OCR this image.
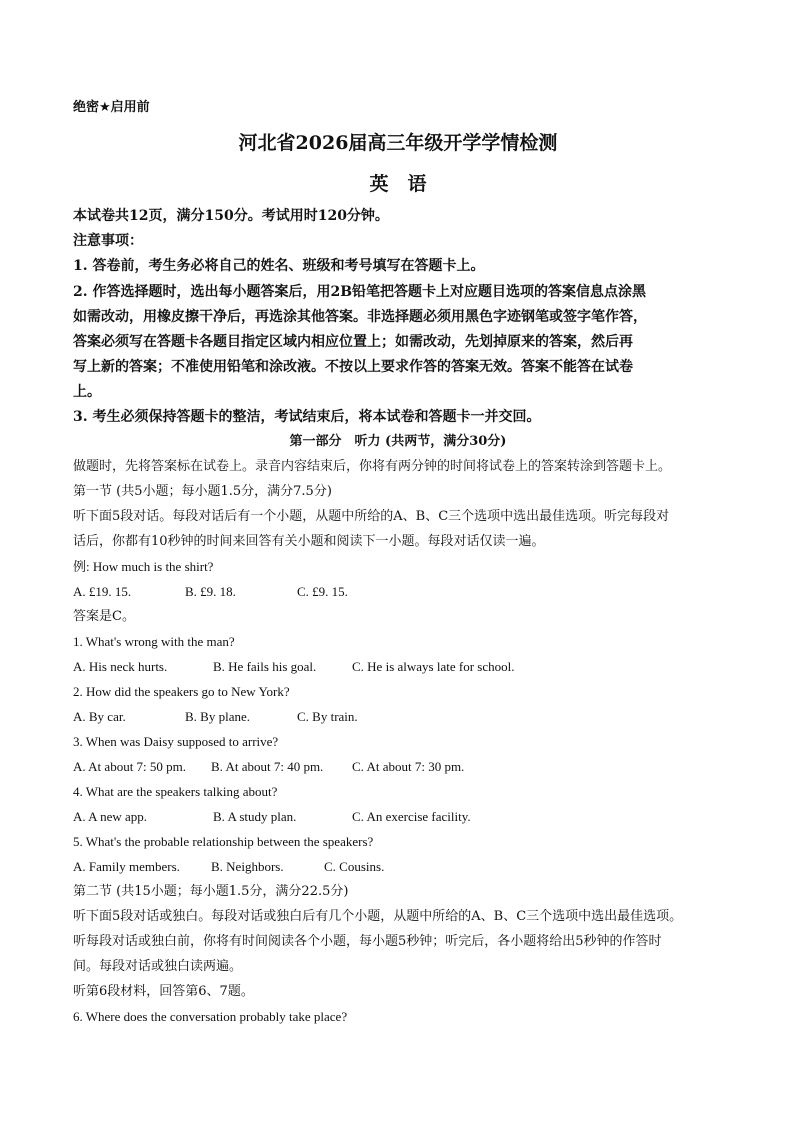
绝密★启用前
河北省2026届高三年级开学学情检测
英　语
本试卷共12页，满分150分。考试用时120分钟。
注意事项：
1. 答卷前，考生务必将自己的姓名、班级和考号填写在答题卡上。
2. 作答选择题时，选出每小题答案后，用2B铅笔把答题卡上对应题目选项的答案信息点涂黑
如需改动，用橡皮擦干净后，再选涂其他答案。非选择题必须用黑色字迹钢笔或签字笔作答，
答案必须写在答题卡各题目指定区域内相应位置上；如需改动，先划掉原来的答案，然后再
写上新的答案；不准使用铅笔和涂改液。不按以上要求作答的答案无效。答案不能答在试卷
上。
3. 考生必须保持答题卡的整洁，考试结束后，将本试卷和答题卡一并交回。
第一部分　听力 (共两节，满分30分)
做题时，先将答案标在试卷上。录音内容结束后，你将有两分钟的时间将试卷上的答案转涂到答题卡上。
第一节 (共5小题；每小题1.5分，满分7.5分)
听下面5段对话。每段对话后有一个小题，从题中所给的A、B、C三个选项中选出最佳选项。听完每段对
话后，你都有10秒钟的时间来回答有关小题和阅读下一小题。每段对话仅读一遍。
例: How much is the shirt?
A. £19. 15.	B. £9. 18.	C. £9. 15.
答案是C。
1. What's wrong with the man?
A. His neck hurts.	B. He fails his goal.	C. He is always late for school.
2. How did the speakers go to New York?
A. By car.	B. By plane.	C. By train.
3. When was Daisy supposed to arrive?
A. At about 7: 50 pm. B. At about 7: 40 pm. C. At about 7: 30 pm.
4. What are the speakers talking about?
A. A new app.	B. A study plan.	C. An exercise facility.
5. What's the probable relationship between the speakers?
A. Family members. B. Neighbors.	C. Cousins.
第二节 (共15小题；每小题1.5分，满分22.5分)
听下面5段对话或独白。每段对话或独白后有几个小题，从题中所给的A、B、C三个选项中选出最佳选项。
听每段对话或独白前，你将有时间阅读各个小题，每小题5秒钟；听完后，各小题将给出5秒钟的作答时
间。每段对话或独白读两遍。
听第6段材料，回答第6、7题。
6. Where does the conversation probably take place?
